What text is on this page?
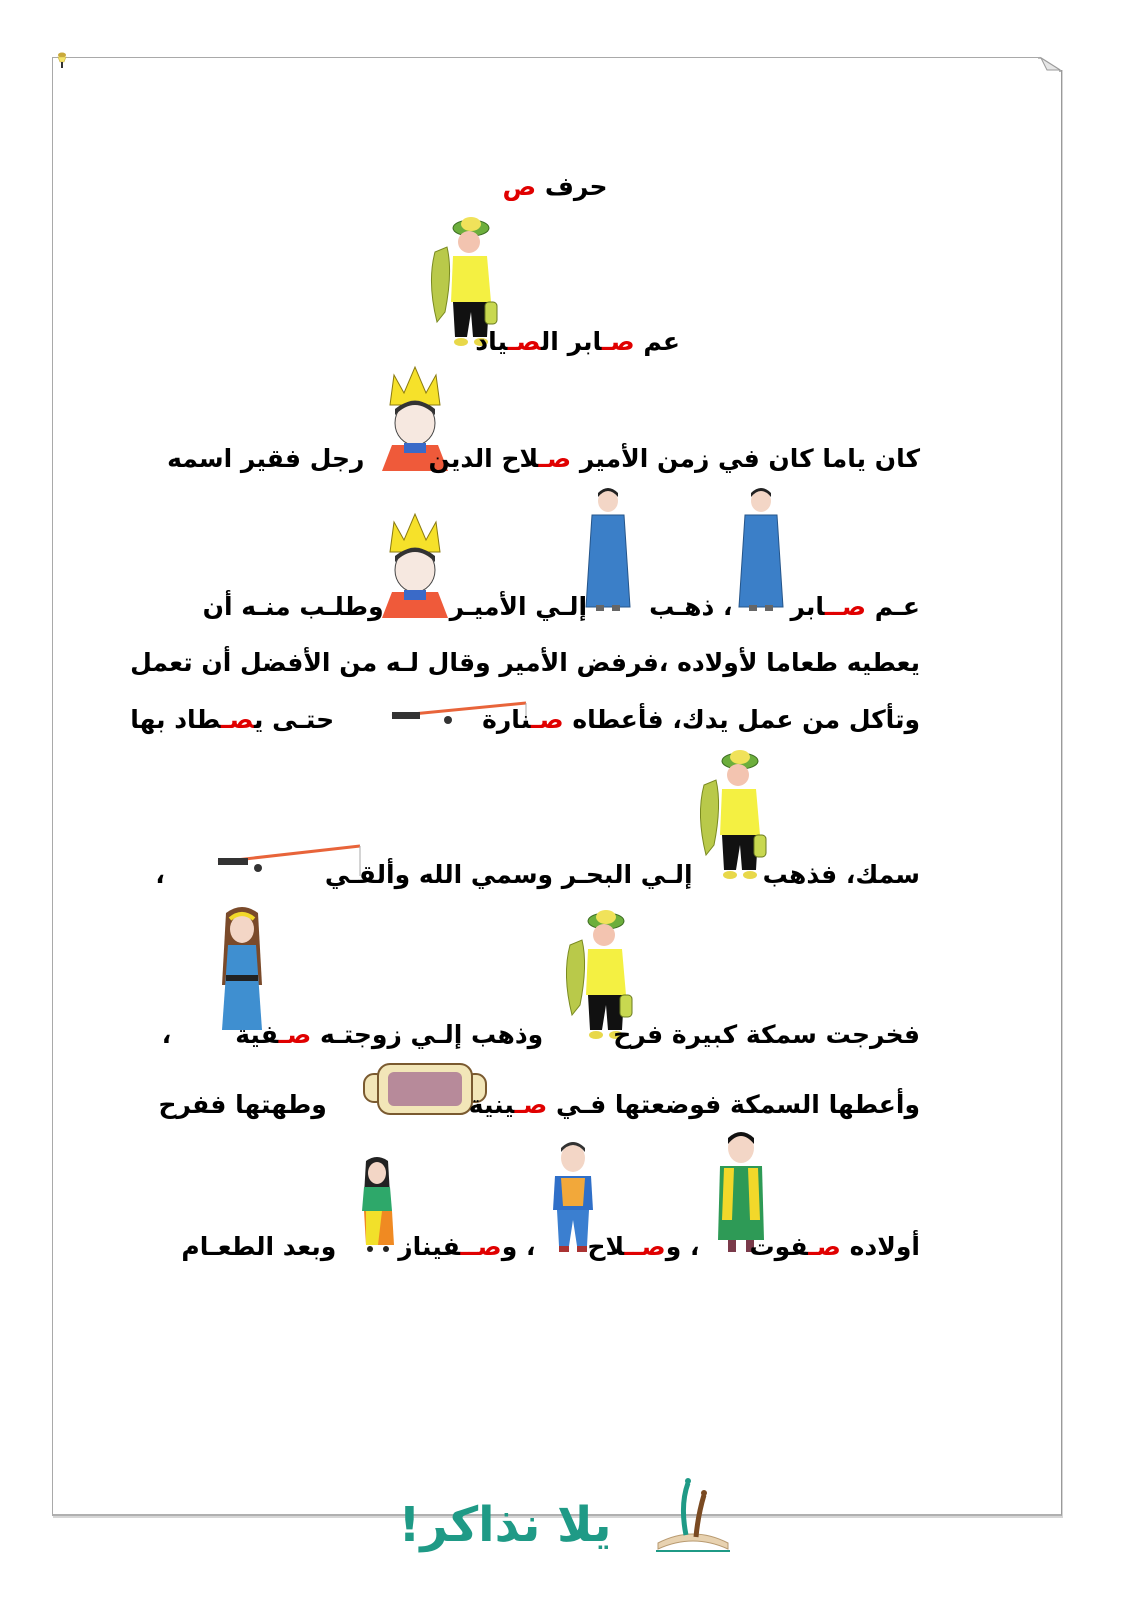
حرف ص
عم صـابر الصـياد
كان ياما كان في زمن الأمير صـلاح الدينرجل فقير اسمه
عـم صــابر، ذهـبإلـي الأميـروطلـب منـه أن
يعطيه طعاما لأولاده ،فرفض الأمير وقال لـه من الأفضل أن تعمل
وتأكل من عمل يدك، فأعطاه صـنارةحتـى يصـطاد بها
سمك، فذهبإلـي البحـر وسمي الله وألقـي،
فخرجت سمكة كبيرة فرحوذهب إلـي زوجتـه صـفية،
وأعطها السمكة فوضعتها فـي صـينيةوطهتها ففرح
أولاده صـفوت، وصــلاح، وصــفينازوبعد الطعـام
يلا نذاكر!
